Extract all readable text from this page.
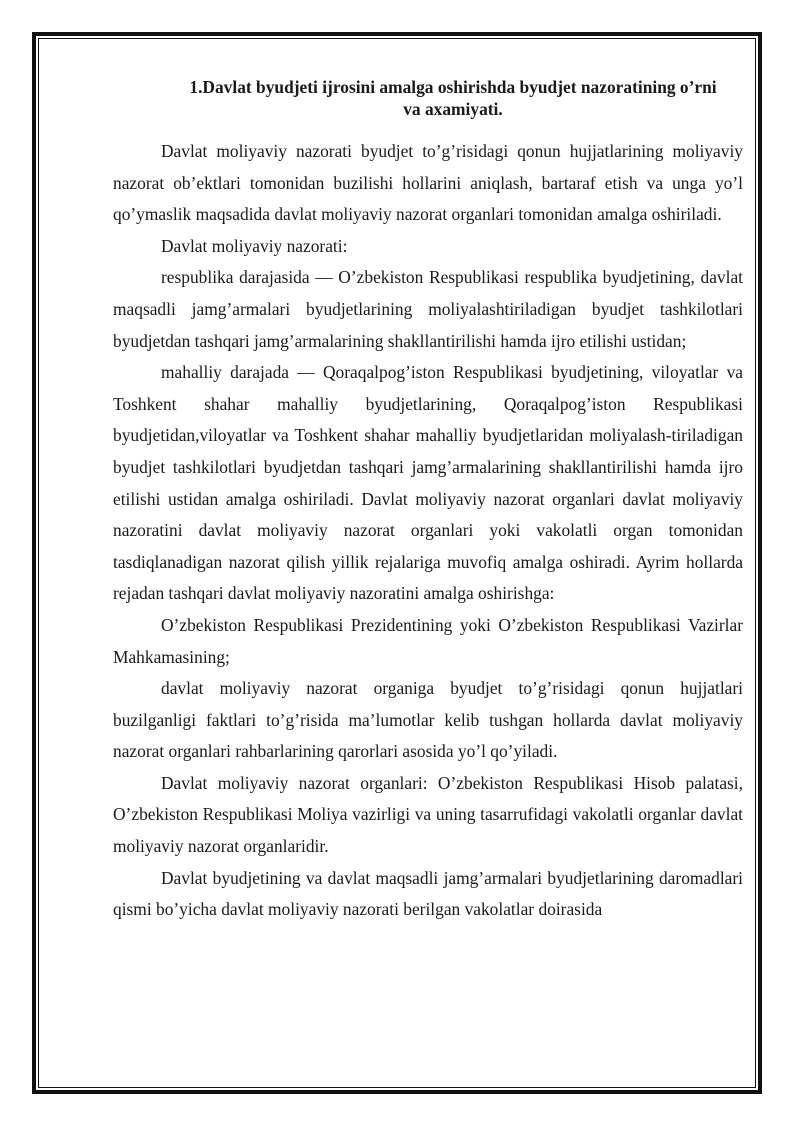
1.Davlat byudjeti ijrosini amalga oshirishda byudjet nazoratining o’rni
va axamiyati.

Davlat moliyaviy nazorati byudjet to’g’risidagi qonun hujjatlarining moliyaviy nazorat ob’ektlari tomonidan buzilishi hollarini aniqlash, bartaraf etish va unga yo’l qo’ymaslik maqsadida davlat moliyaviy nazorat organlari tomonidan amalga oshiriladi.

Davlat moliyaviy nazorati:

respublika darajasida — O’zbekiston Respublikasi respublika byudjetining, davlat maqsadli jamg’armalari byudjetlarining moliyalashtiriladigan byudjet tashkilotlari byudjetdan tashqari jamg’armalarining shakllantirilishi hamda ijro etilishi ustidan;

mahalliy darajada — Qoraqalpog’iston Respublikasi byudjetining, viloyatlar va Toshkent shahar mahalliy byudjetlarining, Qoraqalpog’iston Respublikasi byudjetidan,viloyatlar va Toshkent shahar mahalliy byudjetlaridan moliyalash-tiriladigan byudjet tashkilotlari byudjetdan tashqari jamg’armalarining shakllantirilishi hamda ijro etilishi ustidan amalga oshiriladi. Davlat moliyaviy nazorat organlari davlat moliyaviy nazoratini davlat moliyaviy nazorat organlari yoki vakolatli organ tomonidan tasdiqlanadigan nazorat qilish yillik rejalariga muvofiq amalga oshiradi. Ayrim hollarda rejadan tashqari davlat moliyaviy nazoratini amalga oshirishga:

O’zbekiston Respublikasi Prezidentining yoki O’zbekiston Respublikasi Vazirlar Mahkamasining;

davlat moliyaviy nazorat organiga byudjet to’g’risidagi qonun hujjatlari buzilganligi faktlari to’g’risida ma’lumotlar kelib tushgan hollarda davlat moliyaviy nazorat organlari rahbarlarining qarorlari asosida yo’l qo’yiladi.

Davlat moliyaviy nazorat organlari: O’zbekiston Respublikasi Hisob palatasi, O’zbekiston Respublikasi Moliya vazirligi va uning tasarrufidagi vakolatli organlar davlat moliyaviy nazorat organlaridir.

Davlat byudjetining va davlat maqsadli jamg’armalari byudjetlarining daromadlari qismi bo’yicha davlat moliyaviy nazorati berilgan vakolatlar doirasida
